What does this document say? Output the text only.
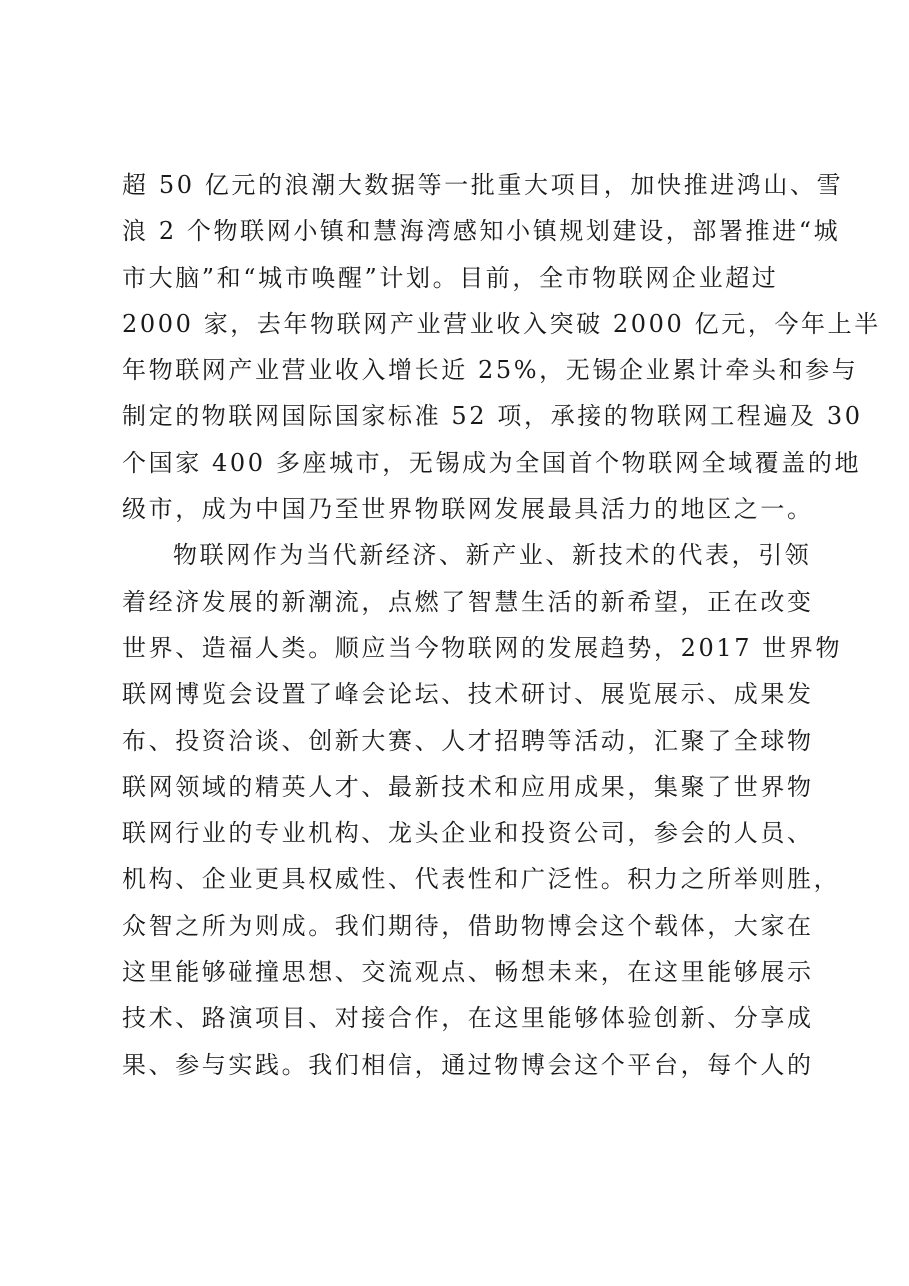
超 50 亿元的浪潮大数据等一批重大项目，加快推进鸿山、雪
浪 2 个物联网小镇和慧海湾感知小镇规划建设，部署推进“城
市大脑”和“城市唤醒”计划。目前，全市物联网企业超过
2000 家，去年物联网产业营业收入突破 2000 亿元，今年上半
年物联网产业营业收入增长近 25%，无锡企业累计牵头和参与
制定的物联网国际国家标准 52 项，承接的物联网工程遍及 30
个国家 400 多座城市，无锡成为全国首个物联网全域覆盖的地
级市，成为中国乃至世界物联网发展最具活力的地区之一。
物联网作为当代新经济、新产业、新技术的代表，引领
着经济发展的新潮流，点燃了智慧生活的新希望，正在改变
世界、造福人类。顺应当今物联网的发展趋势，2017 世界物
联网博览会设置了峰会论坛、技术研讨、展览展示、成果发
布、投资洽谈、创新大赛、人才招聘等活动，汇聚了全球物
联网领域的精英人才、最新技术和应用成果，集聚了世界物
联网行业的专业机构、龙头企业和投资公司，参会的人员、
机构、企业更具权威性、代表性和广泛性。积力之所举则胜，
众智之所为则成。我们期待，借助物博会这个载体，大家在
这里能够碰撞思想、交流观点、畅想未来，在这里能够展示
技术、路演项目、对接合作，在这里能够体验创新、分享成
果、参与实践。我们相信，通过物博会这个平台，每个人的
